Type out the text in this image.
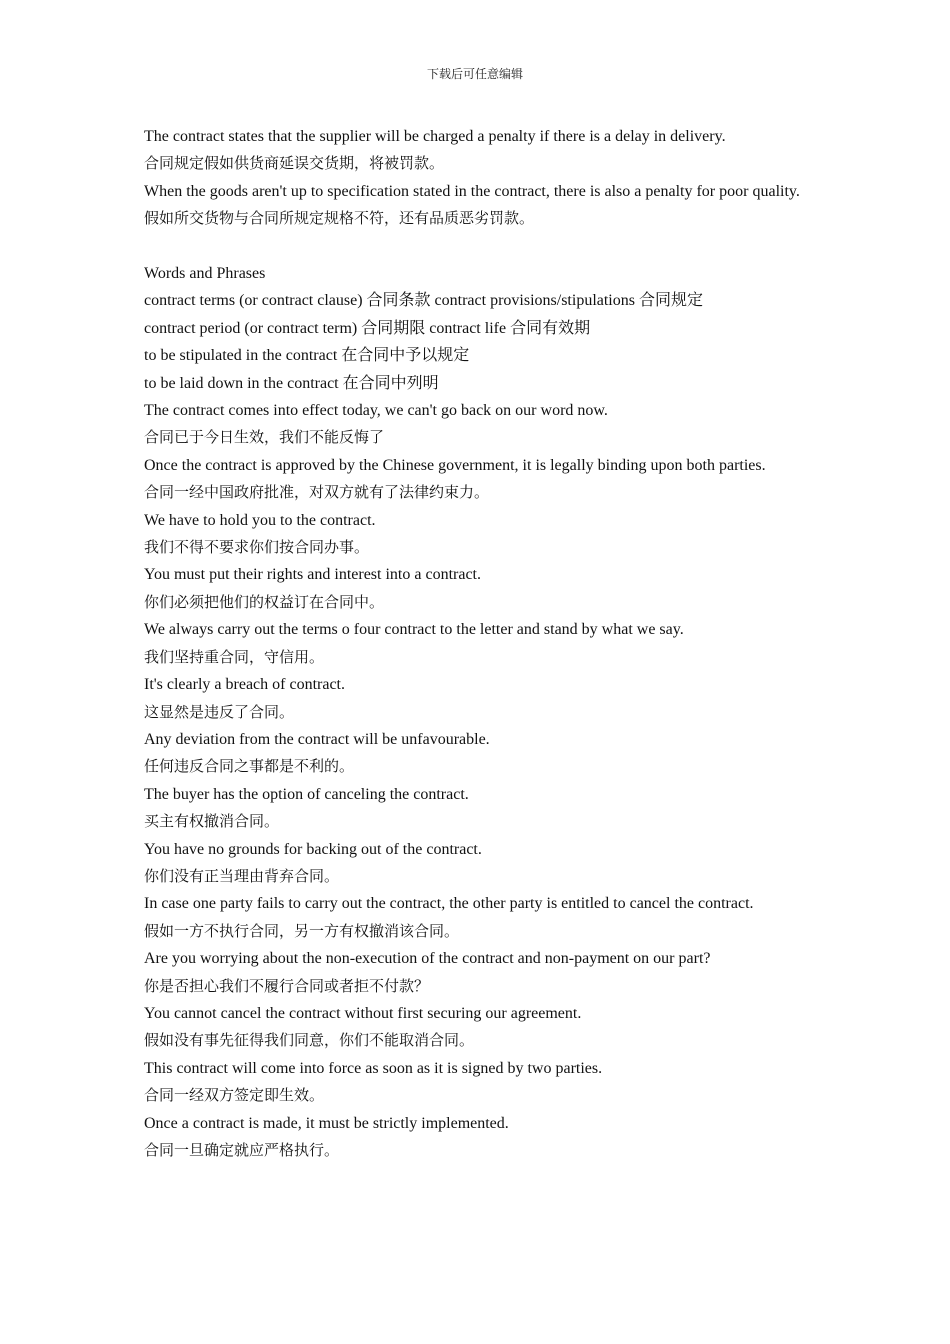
下载后可任意编辑
The contract states that the supplier will be charged a penalty if there is a delay in delivery.
合同规定假如供货商延误交货期，将被罚款。
When the goods aren't up to specification stated in the contract, there is also a penalty for poor quality.
假如所交货物与合同所规定规格不符，还有品质恶劣罚款。
Words and Phrases
contract terms (or contract clause) 合同条款 contract provisions/stipulations 合同规定
contract period (or contract term) 合同期限 contract life 合同有效期
to be stipulated in the contract 在合同中予以规定
to be laid down in the contract 在合同中列明
The contract comes into effect today, we can't go back on our word now.
合同已于今日生效，我们不能反悔了
Once the contract is approved by the Chinese government, it is legally binding upon both parties.
合同一经中国政府批准，对双方就有了法律约束力。
We have to hold you to the contract.
我们不得不要求你们按合同办事。
You must put their rights and interest into a contract.
你们必须把他们的权益订在合同中。
We always carry out the terms o four contract to the letter and stand by what we say.
我们坚持重合同，守信用。
It's clearly a breach of contract.
这显然是违反了合同。
Any deviation from the contract will be unfavourable.
任何违反合同之事都是不利的。
The buyer has the option of canceling the contract.
买主有权撤消合同。
You have no grounds for backing out of the contract.
你们没有正当理由背弃合同。
In case one party fails to carry out the contract, the other party is entitled to cancel the contract.
假如一方不执行合同，另一方有权撤消该合同。
Are you worrying about the non-execution of the contract and non-payment on our part?
你是否担心我们不履行合同或者拒不付款？
You cannot cancel the contract without first securing our agreement.
假如没有事先征得我们同意，你们不能取消合同。
This contract will come into force as soon as it is signed by two parties.
合同一经双方签定即生效。
Once a contract is made, it must be strictly implemented.
合同一旦确定就应严格执行。
